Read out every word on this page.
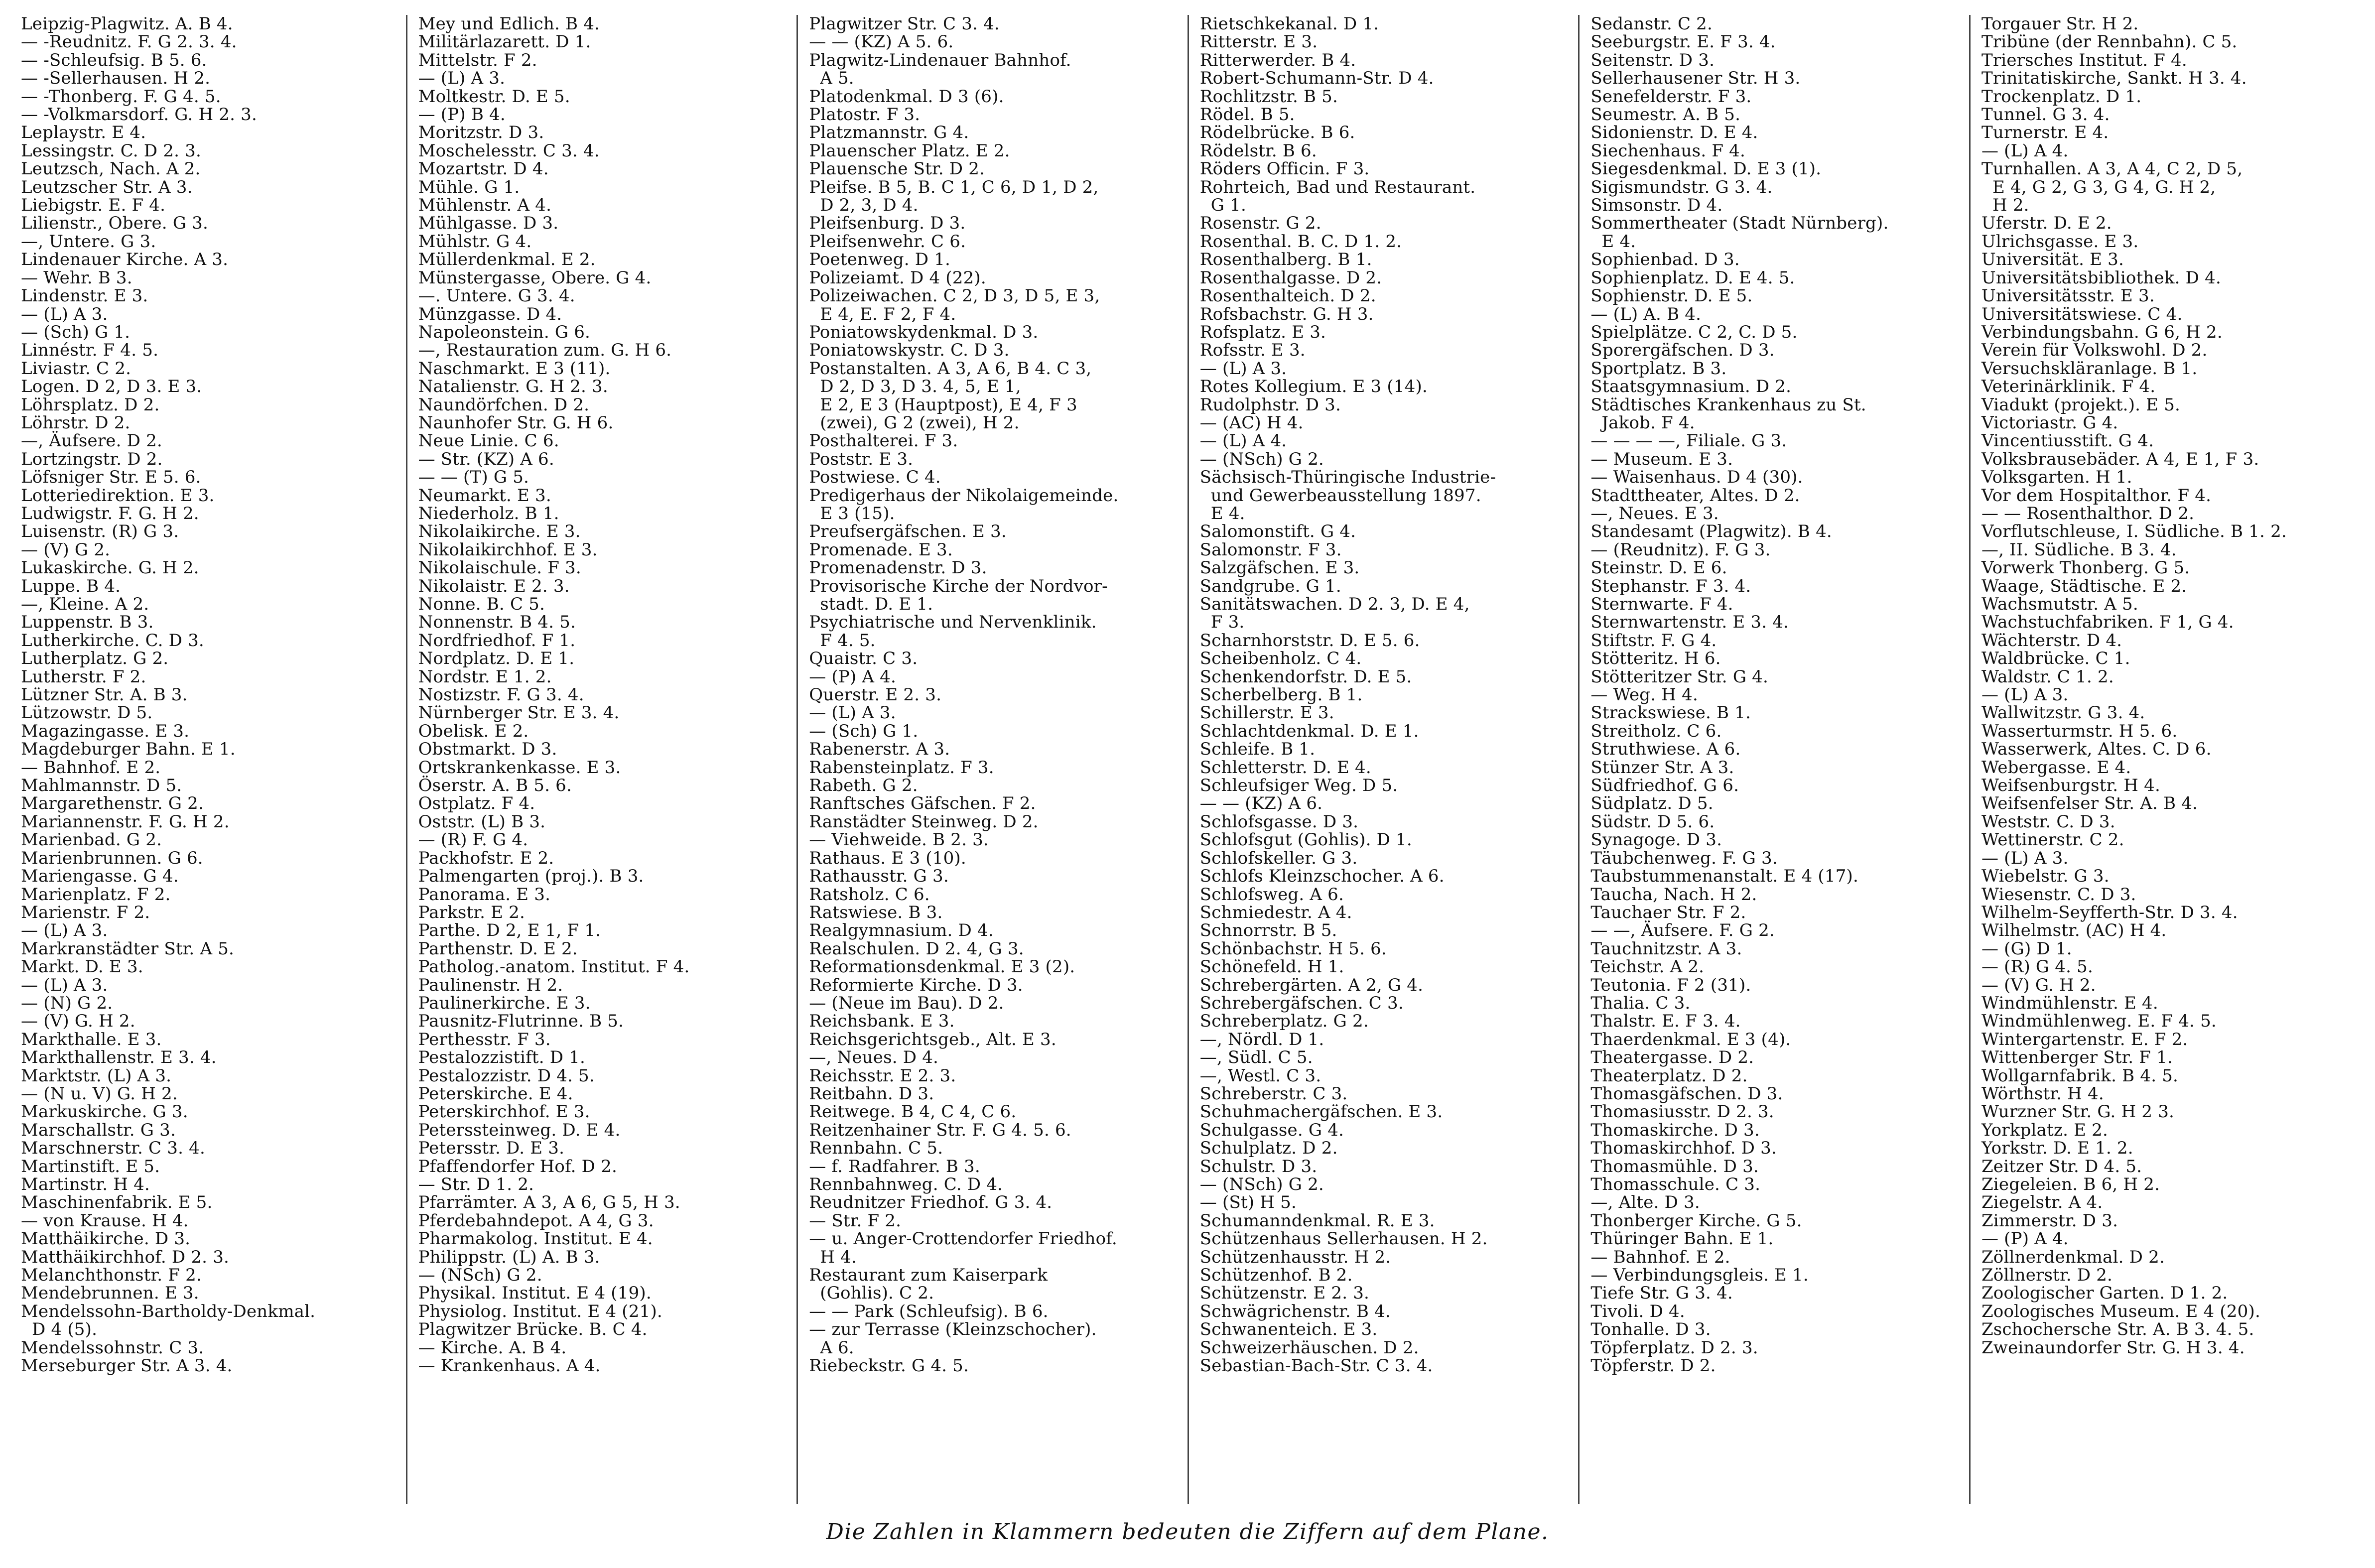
Leipzig-Plagwitz. A. B 4.
— -Reudnitz. F. G 2. 3. 4.
— -Schleufsig. B 5. 6.
— -Sellerhausen. H 2.
— -Thonberg. F. G 4. 5.
— -Volkmarsdorf. G. H 2. 3.
Leplaystr. E 4.
Lessingstr. C. D 2. 3.
Leutzsch, Nach. A 2.
Leutzscher Str. A 3.
Liebigstr. E. F 4.
Lilienstr., Obere. G 3.
—, Untere. G 3.
Lindenauer Kirche. A 3.
— Wehr. B 3.
Lindenstr. E 3.
— (L) A 3.
— (Sch) G 1.
Linnéstr. F 4. 5.
Liviastr. C 2.
Logen. D 2, D 3. E 3.
Löhrsplatz. D 2.
Löhrstr. D 2.
—, Äufsere. D 2.
Lortzingstr. D 2.
Löfsniger Str. E 5. 6.
Lotteriedirektion. E 3.
Ludwigstr. F. G. H 2.
Luisenstr. (R) G 3.
— (V) G 2.
Lukaskirche. G. H 2.
Luppe. B 4.
—, Kleine. A 2.
Luppenstr. B 3.
Lutherkirche. C. D 3.
Lutherplatz. G 2.
Lutherstr. F 2.
Lützner Str. A. B 3.
Lützowstr. D 5.
Magazingasse. E 3.
Magdeburger Bahn. E 1.
— Bahnhof. E 2.
Mahlmannstr. D 5.
Margarethenstr. G 2.
Mariannenstr. F. G. H 2.
Marienbad. G 2.
Marienbrunnen. G 6.
Mariengasse. G 4.
Marienplatz. F 2.
Marienstr. F 2.
— (L) A 3.
Markranstädter Str. A 5.
Markt. D. E 3.
— (L) A 3.
— (N) G 2.
— (V) G. H 2.
Markthalle. E 3.
Markthallenstr. E 3. 4.
Marktstr. (L) A 3.
— (N u. V) G. H 2.
Markuskirche. G 3.
Marschallstr. G 3.
Marschnerstr. C 3. 4.
Martinstift. E 5.
Martinstr. H 4.
Maschinenfabrik. E 5.
— von Krause. H 4.
Matthäikirche. D 3.
Matthäikirchhof. D 2. 3.
Melanchthonstr. F 2.
Mendebrunnen. E 3.
Mendelssohn-Bartholdy-Denkmal.
D 4 (5).
Mendelssohnstr. C 3.
Merseburger Str. A 3. 4.
Mey und Edlich. B 4.
Militärlazarett. D 1.
Mittelstr. F 2.
— (L) A 3.
Moltkestr. D. E 5.
— (P) B 4.
Moritzstr. D 3.
Moschelesstr. C 3. 4.
Mozartstr. D 4.
Mühle. G 1.
Mühlenstr. A 4.
Mühlgasse. D 3.
Mühlstr. G 4.
Müllerdenkmal. E 2.
Münstergasse, Obere. G 4.
—. Untere. G 3. 4.
Münzgasse. D 4.
Napoleonstein. G 6.
—, Restauration zum. G. H 6.
Naschmarkt. E 3 (11).
Natalienstr. G. H 2. 3.
Naundörfchen. D 2.
Naunhofer Str. G. H 6.
Neue Linie. C 6.
— Str. (KZ) A 6.
— — (T) G 5.
Neumarkt. E 3.
Niederholz. B 1.
Nikolaikirche. E 3.
Nikolaikirchhof. E 3.
Nikolaischule. F 3.
Nikolaistr. E 2. 3.
Nonne. B. C 5.
Nonnenstr. B 4. 5.
Nordfriedhof. F 1.
Nordplatz. D. E 1.
Nordstr. E 1. 2.
Nostizstr. F. G 3. 4.
Nürnberger Str. E 3. 4.
Obelisk. E 2.
Obstmarkt. D 3.
Ortskrankenkasse. E 3.
Öserstr. A. B 5. 6.
Ostplatz. F 4.
Oststr. (L) B 3.
— (R) F. G 4.
Packhofstr. E 2.
Palmengarten (proj.). B 3.
Panorama. E 3.
Parkstr. E 2.
Parthe. D 2, E 1, F 1.
Parthenstr. D. E 2.
Patholog.-anatom. Institut. F 4.
Paulinenstr. H 2.
Paulinerkirche. E 3.
Pausnitz-Flutrinne. B 5.
Perthesstr. F 3.
Pestalozzistift. D 1.
Pestalozzistr. D 4. 5.
Peterskirche. E 4.
Peterskirchhof. E 3.
Peterssteinweg. D. E 4.
Petersstr. D. E 3.
Pfaffendorfer Hof. D 2.
— Str. D 1. 2.
Pfarrämter. A 3, A 6, G 5, H 3.
Pferdebahndepot. A 4, G 3.
Pharmakolog. Institut. E 4.
Philippstr. (L) A. B 3.
— (NSch) G 2.
Physikal. Institut. E 4 (19).
Physiolog. Institut. E 4 (21).
Plagwitzer Brücke. B. C 4.
— Kirche. A. B 4.
— Krankenhaus. A 4.
Plagwitzer Str. C 3. 4.
— — (KZ) A 5. 6.
Plagwitz-Lindenauer Bahnhof.
A 5.
Platodenkmal. D 3 (6).
Platostr. F 3.
Platzmannstr. G 4.
Plauenscher Platz. E 2.
Plauensche Str. D 2.
Pleifse. B 5, B. C 1, C 6, D 1, D 2,
D 2, 3, D 4.
Pleifsenburg. D 3.
Pleifsenwehr. C 6.
Poetenweg. D 1.
Polizeiamt. D 4 (22).
Polizeiwachen. C 2, D 3, D 5, E 3,
E 4, E. F 2, F 4.
Poniatowskydenkmal. D 3.
Poniatowskystr. C. D 3.
Postanstalten. A 3, A 6, B 4. C 3,
D 2, D 3, D 3. 4, 5, E 1,
E 2, E 3 (Hauptpost), E 4, F 3
(zwei), G 2 (zwei), H 2.
Posthalterei. F 3.
Poststr. E 3.
Postwiese. C 4.
Predigerhaus der Nikolaigemeinde.
E 3 (15).
Preufsergäfschen. E 3.
Promenade. E 3.
Promenadenstr. D 3.
Provisorische Kirche der Nordvor-
stadt. D. E 1.
Psychiatrische und Nervenklinik.
F 4. 5.
Quaistr. C 3.
— (P) A 4.
Querstr. E 2. 3.
— (L) A 3.
— (Sch) G 1.
Rabenerstr. A 3.
Rabensteinplatz. F 3.
Rabeth. G 2.
Ranftsches Gäfschen. F 2.
Ranstädter Steinweg. D 2.
— Viehweide. B 2. 3.
Rathaus. E 3 (10).
Rathausstr. G 3.
Ratsholz. C 6.
Ratswiese. B 3.
Realgymnasium. D 4.
Realschulen. D 2. 4, G 3.
Reformationsdenkmal. E 3 (2).
Reformierte Kirche. D 3.
— (Neue im Bau). D 2.
Reichsbank. E 3.
Reichsgerichtsgeb., Alt. E 3.
—, Neues. D 4.
Reichsstr. E 2. 3.
Reitbahn. D 3.
Reitwege. B 4, C 4, C 6.
Reitzenhainer Str. F. G 4. 5. 6.
Rennbahn. C 5.
— f. Radfahrer. B 3.
Rennbahnweg. C. D 4.
Reudnitzer Friedhof. G 3. 4.
— Str. F 2.
— u. Anger-Crottendorfer Friedhof.
H 4.
Restaurant zum Kaiserpark
(Gohlis). C 2.
— — Park (Schleufsig). B 6.
— zur Terrasse (Kleinzschocher).
A 6.
Riebeckstr. G 4. 5.
Rietschkekanal. D 1.
Ritterstr. E 3.
Ritterwerder. B 4.
Robert-Schumann-Str. D 4.
Rochlitzstr. B 5.
Rödel. B 5.
Rödelbrücke. B 6.
Rödelstr. B 6.
Röders Officin. F 3.
Rohrteich, Bad und Restaurant.
G 1.
Rosenstr. G 2.
Rosenthal. B. C. D 1. 2.
Rosenthalberg. B 1.
Rosenthalgasse. D 2.
Rosenthalteich. D 2.
Rofsbachstr. G. H 3.
Rofsplatz. E 3.
Rofsstr. E 3.
— (L) A 3.
Rotes Kollegium. E 3 (14).
Rudolphstr. D 3.
— (AC) H 4.
— (L) A 4.
— (NSch) G 2.
Sächsisch-Thüringische Industrie-
und Gewerbeausstellung 1897.
E 4.
Salomonstift. G 4.
Salomonstr. F 3.
Salzgäfschen. E 3.
Sandgrube. G 1.
Sanitätswachen. D 2. 3, D. E 4,
F 3.
Scharnhorststr. D. E 5. 6.
Scheibenholz. C 4.
Schenkendorfstr. D. E 5.
Scherbelberg. B 1.
Schillerstr. E 3.
Schlachtdenkmal. D. E 1.
Schleife. B 1.
Schletterstr. D. E 4.
Schleufsiger Weg. D 5.
— — (KZ) A 6.
Schlofsgasse. D 3.
Schlofsgut (Gohlis). D 1.
Schlofskeller. G 3.
Schlofs Kleinzschocher. A 6.
Schlofsweg. A 6.
Schmiedestr. A 4.
Schnorrstr. B 5.
Schönbachstr. H 5. 6.
Schönefeld. H 1.
Schrebergärten. A 2, G 4.
Schrebergäfschen. C 3.
Schreberplatz. G 2.
—, Nördl. D 1.
—, Südl. C 5.
—, Westl. C 3.
Schreberstr. C 3.
Schuhmachergäfschen. E 3.
Schulgasse. G 4.
Schulplatz. D 2.
Schulstr. D 3.
— (NSch) G 2.
— (St) H 5.
Schumanndenkmal. R. E 3.
Schützenhaus Sellerhausen. H 2.
Schützenhausstr. H 2.
Schützenhof. B 2.
Schützenstr. E 2. 3.
Schwägrichenstr. B 4.
Schwanenteich. E 3.
Schweizerhäuschen. D 2.
Sebastian-Bach-Str. C 3. 4.
Sedanstr. C 2.
Seeburgstr. E. F 3. 4.
Seitenstr. D 3.
Sellerhausener Str. H 3.
Senefelderstr. F 3.
Seumestr. A. B 5.
Sidonienstr. D. E 4.
Siechenhaus. F 4.
Siegesdenkmal. D. E 3 (1).
Sigismundstr. G 3. 4.
Simsonstr. D 4.
Sommertheater (Stadt Nürnberg).
E 4.
Sophienbad. D 3.
Sophienplatz. D. E 4. 5.
Sophienstr. D. E 5.
— (L) A. B 4.
Spielplätze. C 2, C. D 5.
Sporergäfschen. D 3.
Sportplatz. B 3.
Staatsgymnasium. D 2.
Städtisches Krankenhaus zu St.
Jakob. F 4.
— — — —, Filiale. G 3.
— Museum. E 3.
— Waisenhaus. D 4 (30).
Stadttheater, Altes. D 2.
—, Neues. E 3.
Standesamt (Plagwitz). B 4.
— (Reudnitz). F. G 3.
Steinstr. D. E 6.
Stephanstr. F 3. 4.
Sternwarte. F 4.
Sternwartenstr. E 3. 4.
Stiftstr. F. G 4.
Stötteritz. H 6.
Stötteritzer Str. G 4.
— Weg. H 4.
Strackswiese. B 1.
Streitholz. C 6.
Struthwiese. A 6.
Stünzer Str. A 3.
Südfriedhof. G 6.
Südplatz. D 5.
Südstr. D 5. 6.
Synagoge. D 3.
Täubchenweg. F. G 3.
Taubstummenanstalt. E 4 (17).
Taucha, Nach. H 2.
Tauchaer Str. F 2.
— —, Äufsere. F. G 2.
Tauchnitzstr. A 3.
Teichstr. A 2.
Teutonia. F 2 (31).
Thalia. C 3.
Thalstr. E. F 3. 4.
Thaerdenkmal. E 3 (4).
Theatergasse. D 2.
Theaterplatz. D 2.
Thomasgäfschen. D 3.
Thomasiusstr. D 2. 3.
Thomaskirche. D 3.
Thomaskirchhof. D 3.
Thomasmühle. D 3.
Thomasschule. C 3.
—, Alte. D 3.
Thonberger Kirche. G 5.
Thüringer Bahn. E 1.
— Bahnhof. E 2.
— Verbindungsgleis. E 1.
Tiefe Str. G 3. 4.
Tivoli. D 4.
Tonhalle. D 3.
Töpferplatz. D 2. 3.
Töpferstr. D 2.
Torgauer Str. H 2.
Tribüne (der Rennbahn). C 5.
Triersches Institut. F 4.
Trinitatiskirche, Sankt. H 3. 4.
Trockenplatz. D 1.
Tunnel. G 3. 4.
Turnerstr. E 4.
— (L) A 4.
Turnhallen. A 3, A 4, C 2, D 5,
E 4, G 2, G 3, G 4, G. H 2,
H 2.
Uferstr. D. E 2.
Ulrichsgasse. E 3.
Universität. E 3.
Universitätsbibliothek. D 4.
Universitätsstr. E 3.
Universitätswiese. C 4.
Verbindungsbahn. G 6, H 2.
Verein für Volkswohl. D 2.
Versuchskläranlage. B 1.
Veterinärklinik. F 4.
Viadukt (projekt.). E 5.
Victoriastr. G 4.
Vincentiusstift. G 4.
Volksbrausebäder. A 4, E 1, F 3.
Volksgarten. H 1.
Vor dem Hospitalthor. F 4.
— — Rosenthalthor. D 2.
Vorflutschleuse, I. Südliche. B 1. 2.
—, II. Südliche. B 3. 4.
Vorwerk Thonberg. G 5.
Waage, Städtische. E 2.
Wachsmutstr. A 5.
Wachstuchfabriken. F 1, G 4.
Wächterstr. D 4.
Waldbrücke. C 1.
Waldstr. C 1. 2.
— (L) A 3.
Wallwitzstr. G 3. 4.
Wasserturmstr. H 5. 6.
Wasserwerk, Altes. C. D 6.
Webergasse. E 4.
Weifsenburgstr. H 4.
Weifsenfelser Str. A. B 4.
Weststr. C. D 3.
Wettinerstr. C 2.
— (L) A 3.
Wiebelstr. G 3.
Wiesenstr. C. D 3.
Wilhelm-Seyfferth-Str. D 3. 4.
Wilhelmstr. (AC) H 4.
— (G) D 1.
— (R) G 4. 5.
— (V) G. H 2.
Windmühlenstr. E 4.
Windmühlenweg. E. F 4. 5.
Wintergartenstr. E. F 2.
Wittenberger Str. F 1.
Wollgarnfabrik. B 4. 5.
Wörthstr. H 4.
Wurzner Str. G. H 2 3.
Yorkplatz. E 2.
Yorkstr. D. E 1. 2.
Zeitzer Str. D 4. 5.
Ziegeleien. B 6, H 2.
Ziegelstr. A 4.
Zimmerstr. D 3.
— (P) A 4.
Zöllnerdenkmal. D 2.
Zöllnerstr. D 2.
Zoologischer Garten. D 1. 2.
Zoologisches Museum. E 4 (20).
Zschochersche Str. A. B 3. 4. 5.
Zweinaundorfer Str. G. H 3. 4.
Die Zahlen in Klammern bedeuten die Ziffern auf dem Plane.
